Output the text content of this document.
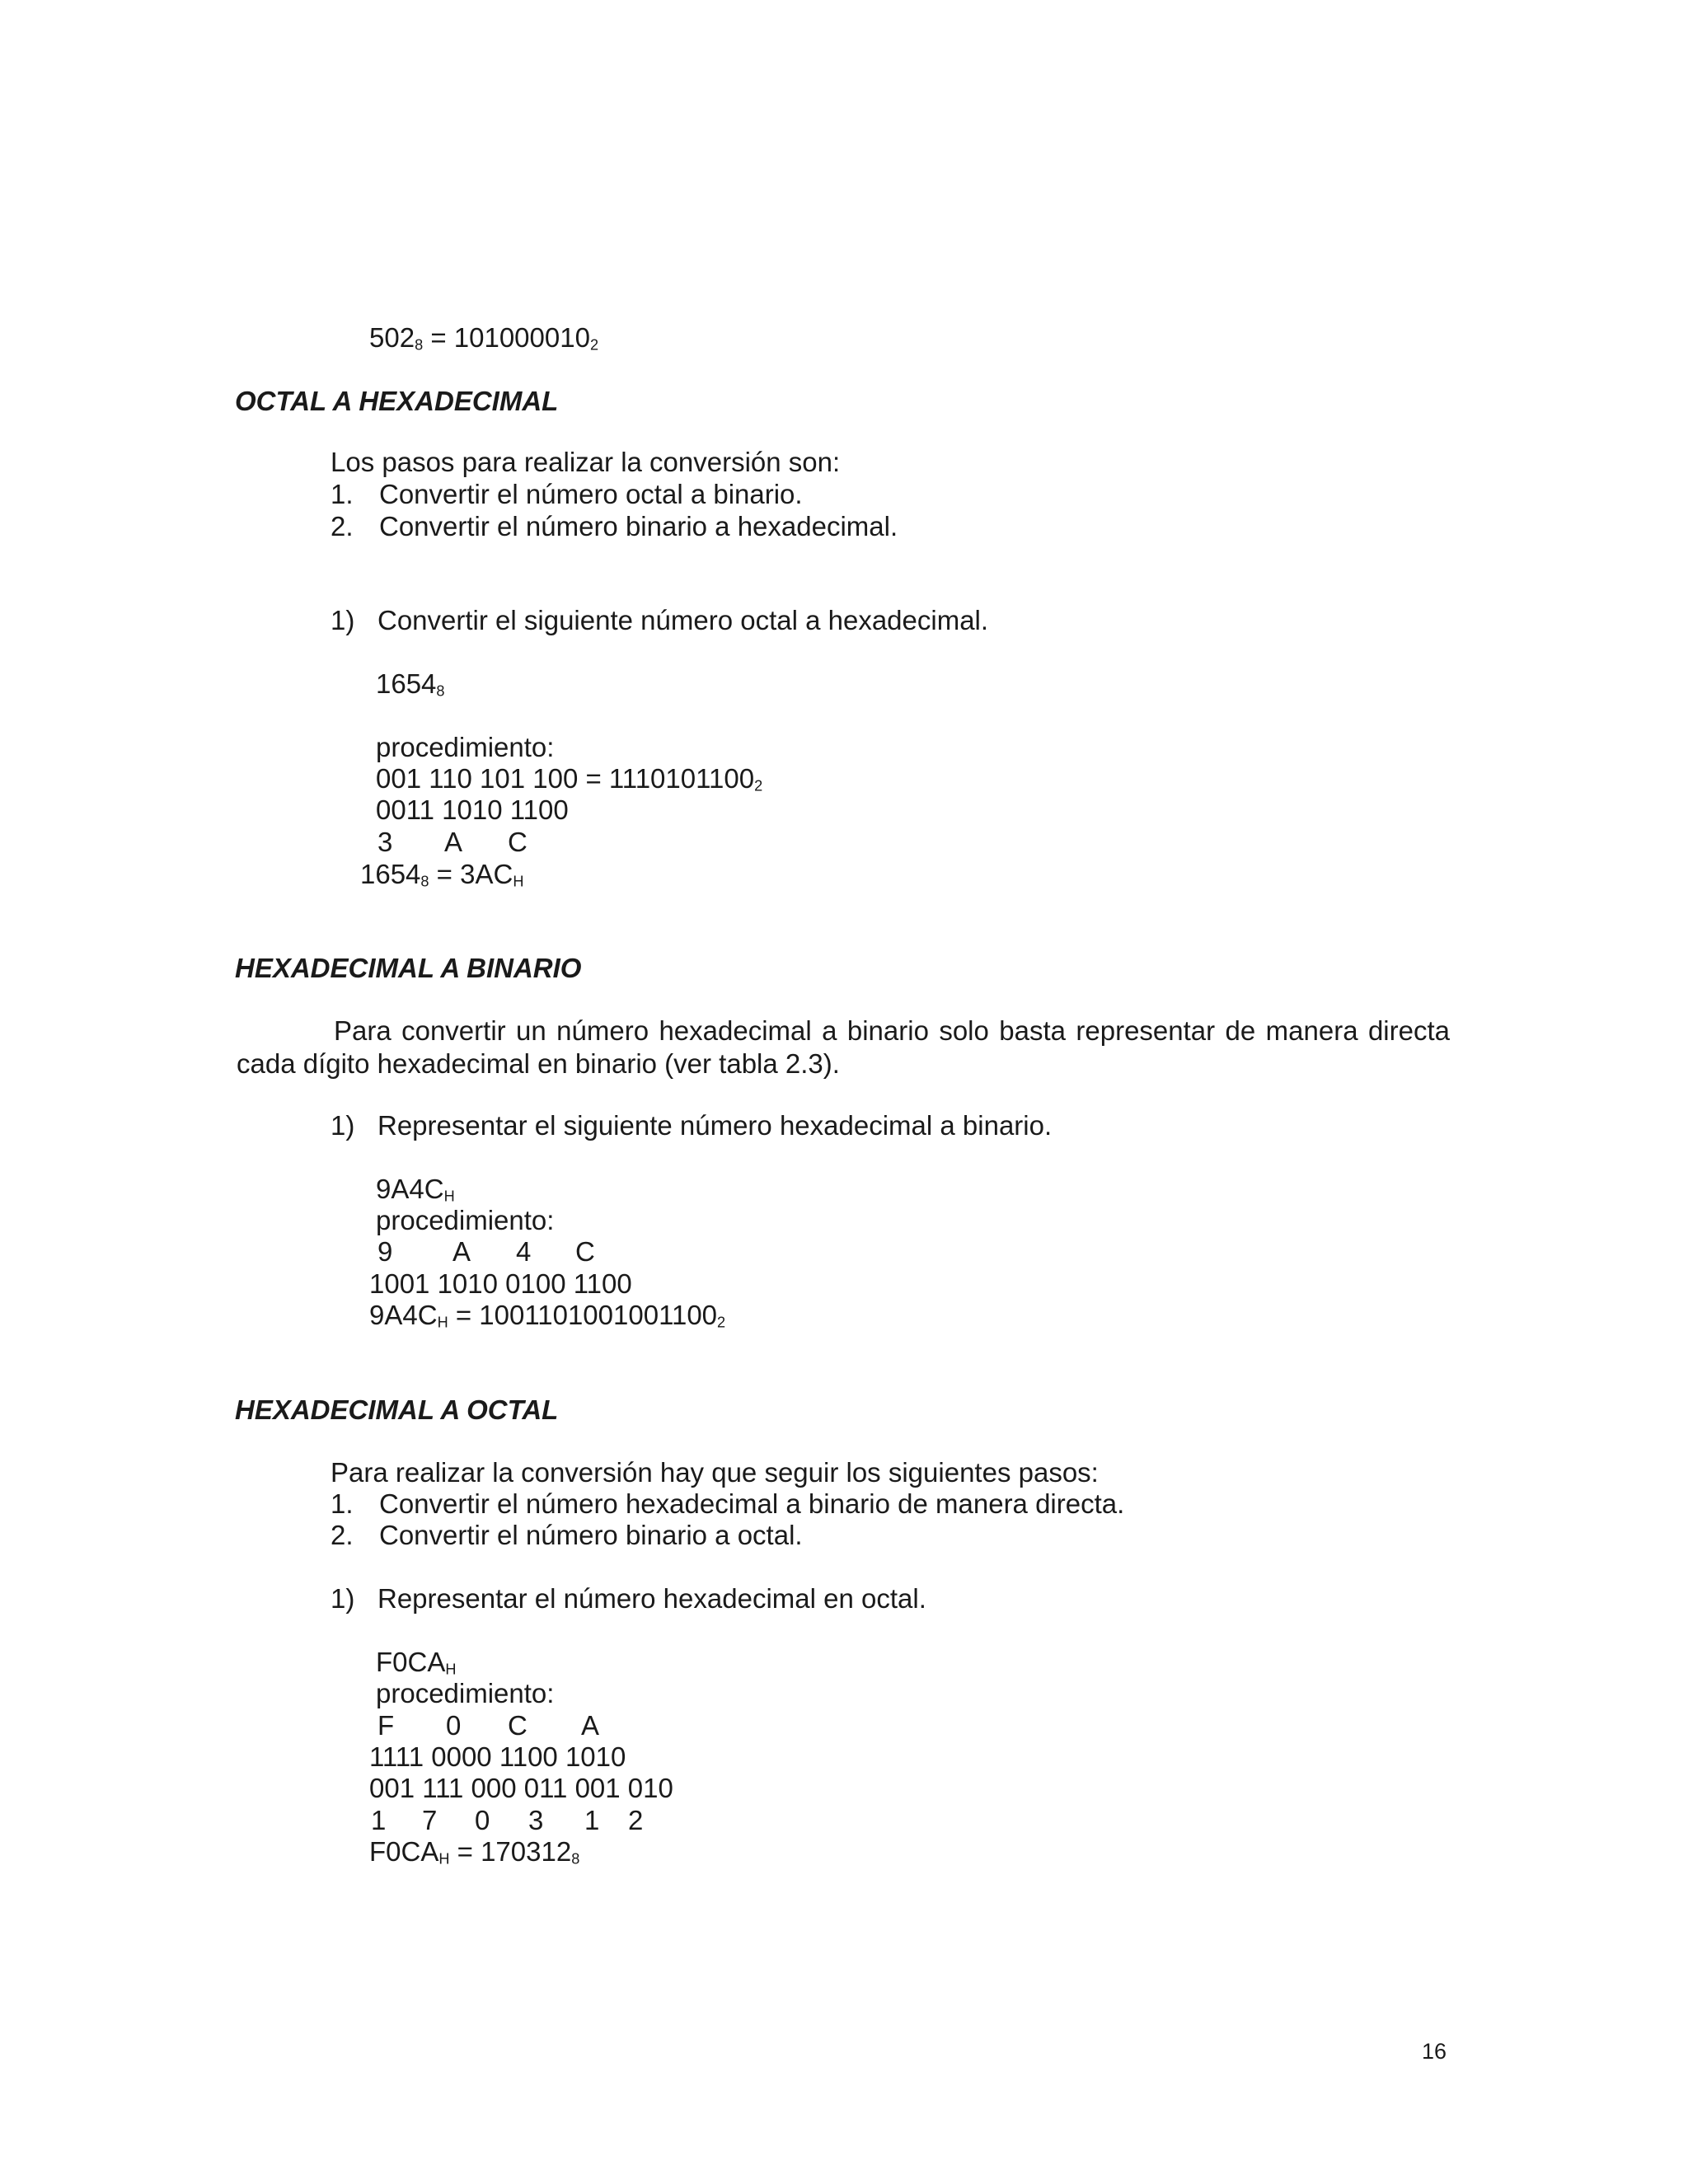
$502_8 = 101000010_2$
OCTAL A HEXADECIMAL
Los pasos para realizar la conversión son:
1. Convertir el número octal a binario.
2. Convertir el número binario a hexadecimal.
1) Convertir el siguiente número octal a hexadecimal.
$1654_8$
procedimiento:
001 110 101 $100 = 1110101100_2$
0011 1010 1100
3 A C
$1654_8 = 3AC_H$
HEXADECIMAL A BINARIO
Para convertir un número hexadecimal a binario solo basta representar de manera directa cada dígito hexadecimal en binario (ver tabla 2.3).
1) Representar el siguiente número hexadecimal a binario.
$9A4C_H$
procedimiento:
9 A 4 C
1001 1010 0100 1100
$9A4C_H = 1001101001001100_2$
HEXADECIMAL A OCTAL
Para realizar la conversión hay que seguir los siguientes pasos:
1. Convertir el número hexadecimal a binario de manera directa.
2. Convertir el número binario a octal.
1) Representar el número hexadecimal en octal.
$F0CA_H$
procedimiento:
F 0 C A
1111 0000 1100 1010
001 111 000 011 001 010
1 7 0 3 1 2
$F0CA_H = 170312_8$
16
